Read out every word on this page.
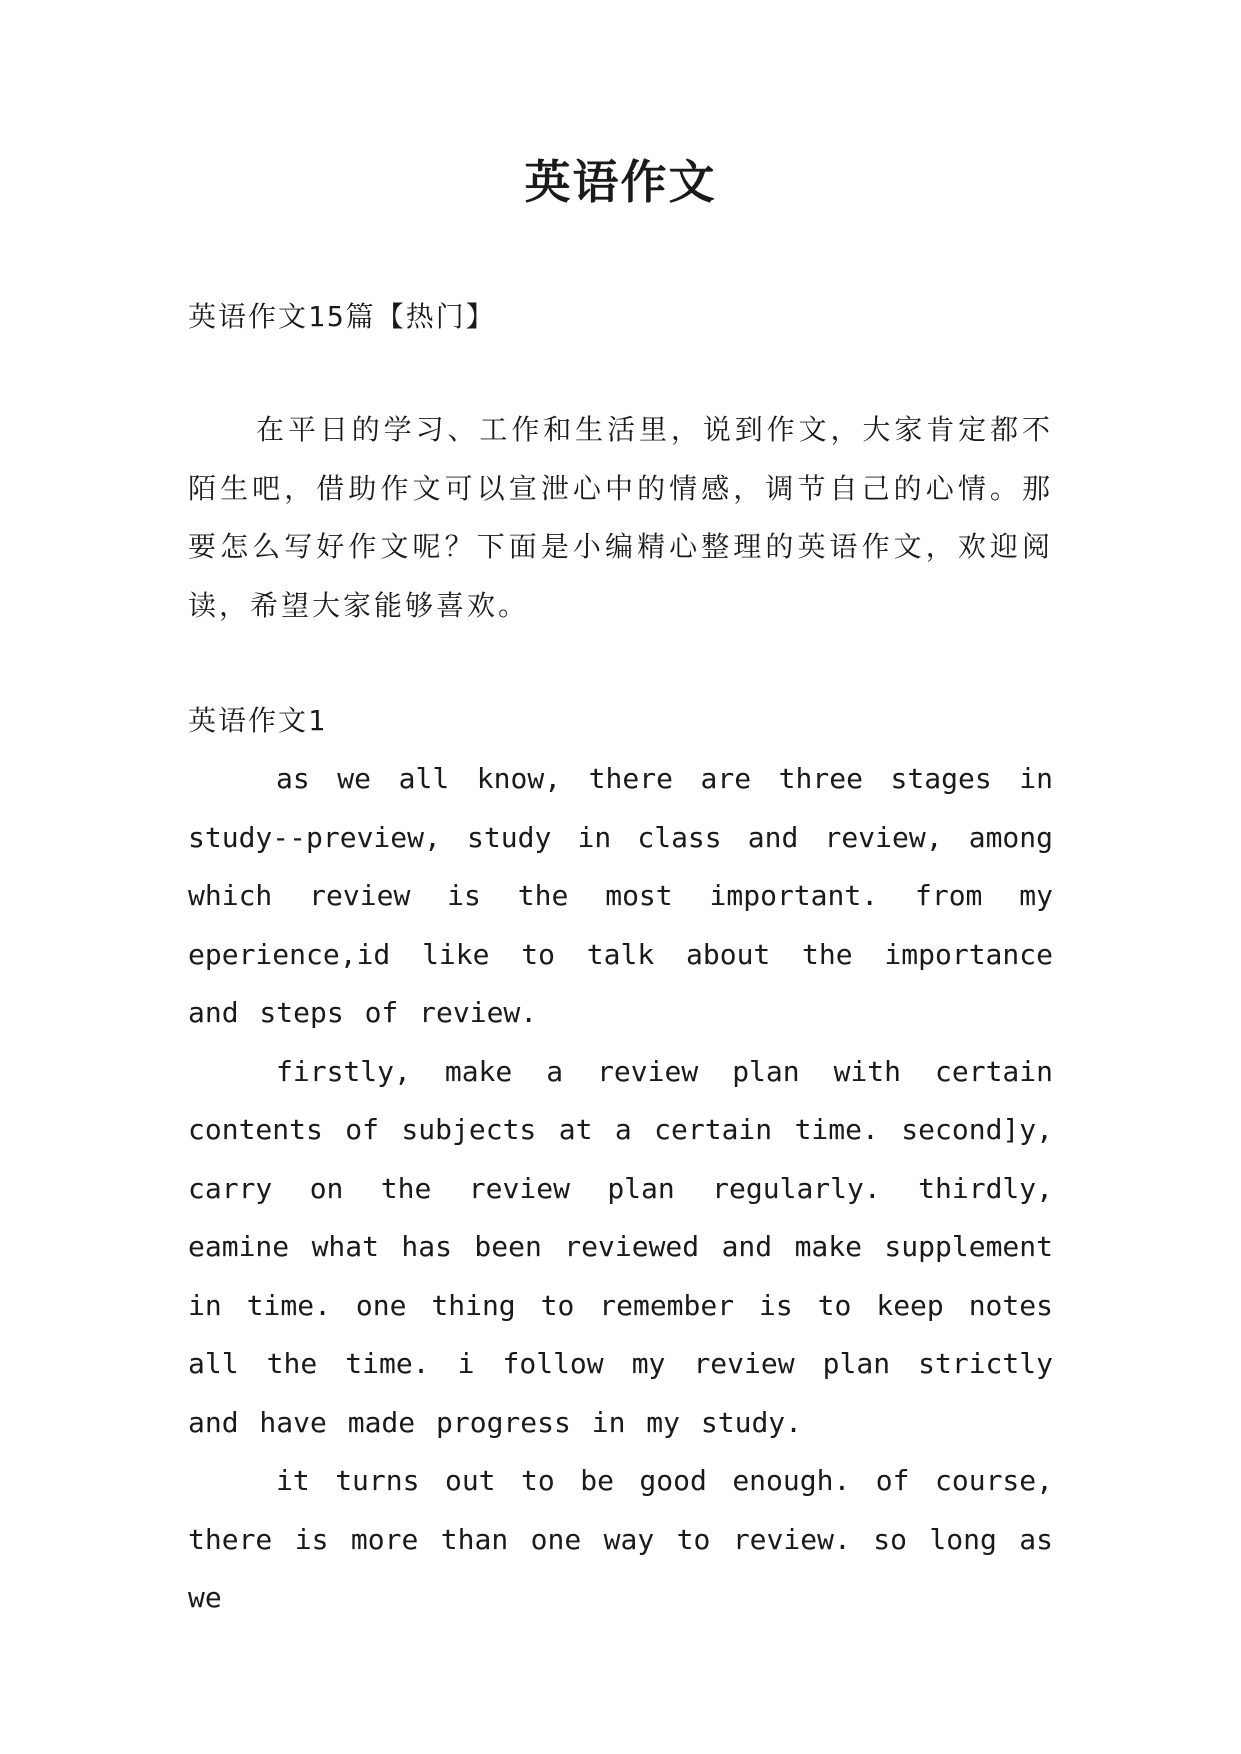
英语作文
英语作文15篇【热门】
在平日的学习、工作和生活里，说到作文，大家肯定都不陌生吧，借助作文可以宣泄心中的情感，调节自己的心情。那要怎么写好作文呢？下面是小编精心整理的英语作文，欢迎阅读，希望大家能够喜欢。
英语作文1

as we all know, there are three stages in study--preview, study in class and review, among which review is the most important. from my eperience,id like to talk about the importance and steps of review.

firstly, make a review plan with certain contents of subjects at a certain time. second]y, carry on the review plan regularly. thirdly, eamine what has been reviewed and make supplement in time. one thing to remember is to keep notes all the time. i follow my review plan strictly and have made progress in my study.

it turns out to be good enough. of course, there is more than one way to review. so long as we
